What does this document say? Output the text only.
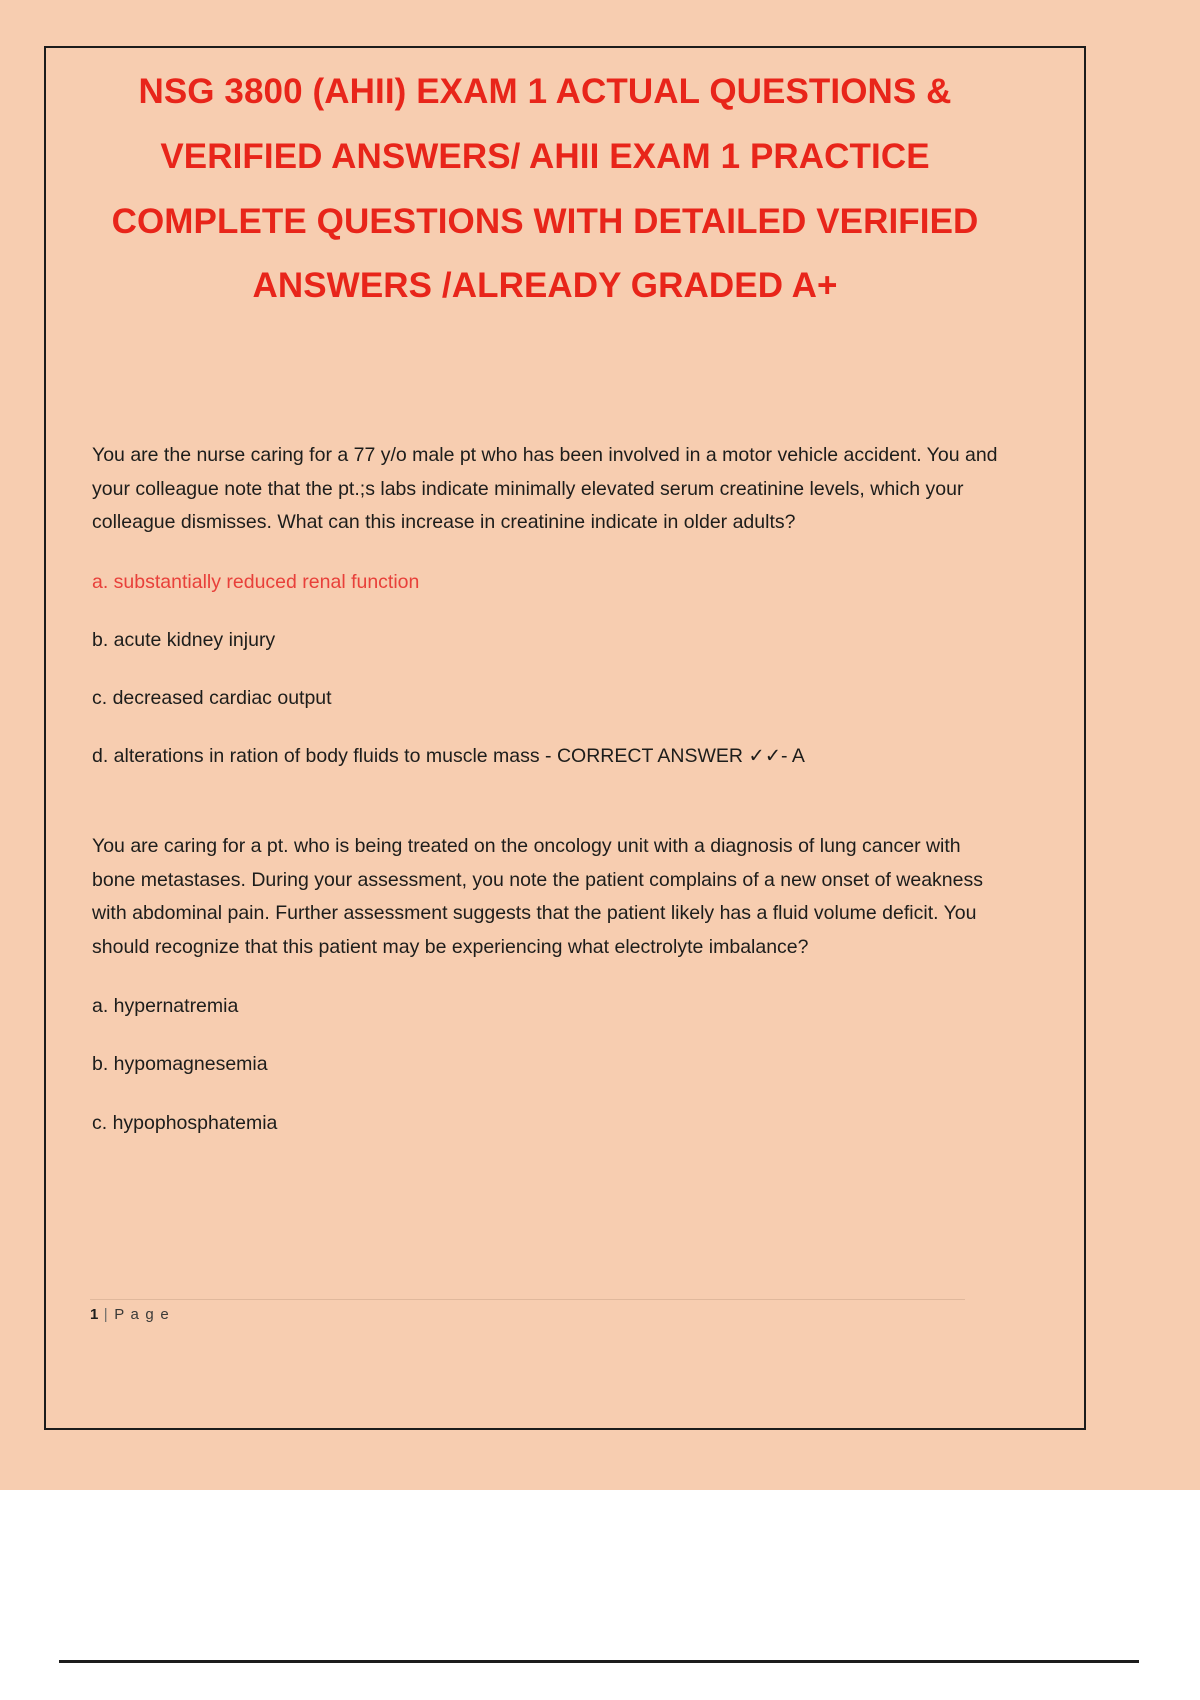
NSG 3800 (AHII) EXAM 1 ACTUAL QUESTIONS & VERIFIED ANSWERS/ AHII EXAM 1 PRACTICE COMPLETE QUESTIONS WITH DETAILED VERIFIED ANSWERS /ALREADY GRADED A+

You are the nurse caring for a 77 y/o male pt who has been involved in a motor vehicle accident. You and your colleague note that the pt.;s labs indicate minimally elevated serum creatinine levels, which your colleague dismisses. What can this increase in creatinine indicate in older adults?

a. substantially reduced renal function

b. acute kidney injury

c. decreased cardiac output

d. alterations in ration of body fluids to muscle mass - CORRECT ANSWER ✓✓- A

You are caring for a pt. who is being treated on the oncology unit with a diagnosis of lung cancer with bone metastases. During your assessment, you note the patient complains of a new onset of weakness with abdominal pain. Further assessment suggests that the patient likely has a fluid volume deficit. You should recognize that this patient may be experiencing what electrolyte imbalance?

a. hypernatremia

b. hypomagnesemia

c. hypophosphatemia

1 | P a g e
